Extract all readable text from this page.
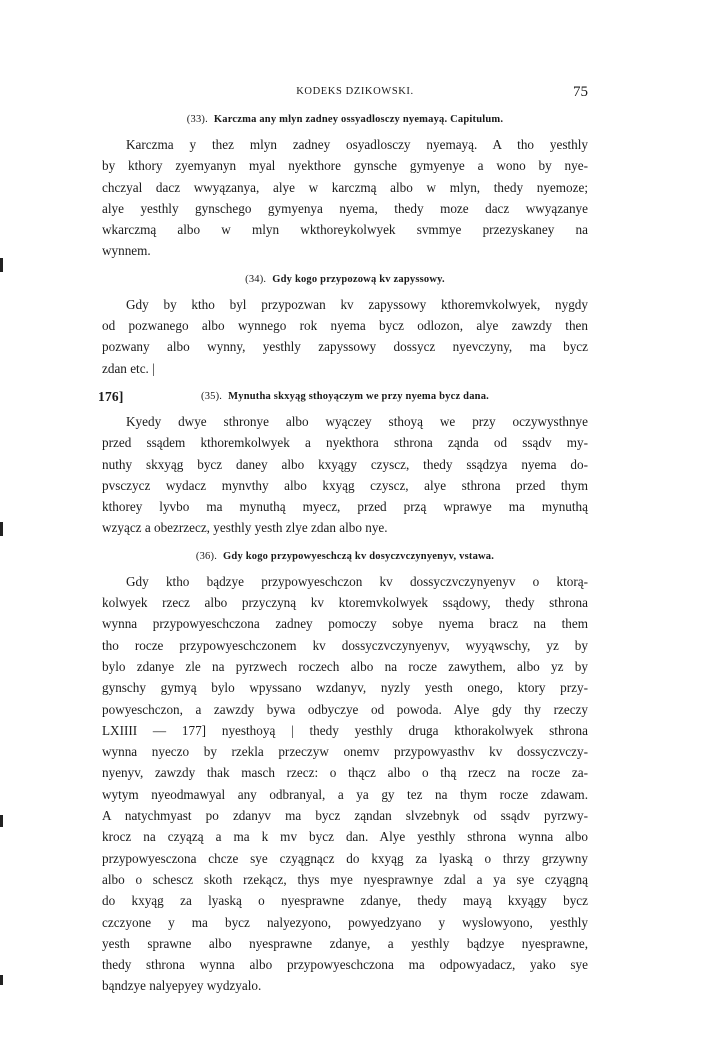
KODEKS DZIKOWSKI.	75
(33). Karczma any mlyn zadney ossyadlosczy nyemayą. Capitulum.
Karczma y thez mlyn zadney osyadlosczy nyemayą. A tho yesthly
by kthory zyemyanyn myal nyekthore gynsche gymyenye a wono by nye-
chczyal dacz wwyązanya, alye w karczmą albo w mlyn, thedy nyemoze;
alye yesthly gynschego gymyenya nyema, thedy moze dacz wwyązanye
wkarczmą albo w mlyn wkthoreykolwyek svmmye przezyskaney na
wynnem.
(34). Gdy kogo przypozową kv zapyssowy.
Gdy by ktho byl przypozwan kv zapyssowy kthoremvkolwyek, nygdy
od pozwanego albo wynnego rok nyema bycz odlozon, alye zawzdy then
pozwany albo wynny, yesthly zapyssowy dossycz nyevczyny, ma bycz
zdan etc. |
176]	(35). Mynutha skxyąg sthoyączym we przy nyema bycz dana.
Kyedy dwye sthronye albo wyączey sthoyą we przy oczywysthnye
przed ssądem kthoremkolwyek a nyekthora sthrona ząnda od ssądv my-
nuthy skxyąg bycz daney albo kxyągy czyscz, thedy ssądzya nyema do-
pvsczycz wydacz mynvthy albo kxyąg czyscz, alye sthrona przed thym
kthorey lyvbo ma mynuthą myecz, przed przą wprawye ma mynuthą
wzyącz a obezrzecz, yesthly yesth zlye zdan albo nye.
(36). Gdy kogo przypowyeschczą kv dosyczvczynyenyv, vstawa.
Gdy ktho bądzye przypowyeschczon kv dossyczvczynyenyv o ktorą-
kolwyek rzecz albo przyczyną kv ktoremvkolwyek ssądowy, thedy sthrona
wynna przypowyeschczona zadney pomoczy sobye nyema bracz na them
tho rocze przypowyeschczonem kv dossyczvczynyenyv, wyyąwschy, yz by
bylo zdanye zle na pyrzwech roczech albo na rocze zawythem, albo yz by
gynschy gymyą bylo wpyssano wzdanyv, nyzly yesth onego, ktory przy-
powyeschczon, a zawzdy bywa odbyczye od powoda. Alye gdy thy rzeczy
LXIIII — 177] nyesthoyą | thedy yesthly druga kthorakolwyek sthrona
wynna nyeczo by rzekla przeczyw onemv przypowyasthv kv dossyczvczy-
nyenyv, zawzdy thak masch rzecz: o thącz albo o thą rzecz na rocze za-
wytym nyeodmawyal any odbranyal, a ya gy tez na thym rocze zdawam.
A natychmyast po zdanyv ma bycz ząndan slvzebnyk od ssądv pyrzwy-
krocz na czyązą a ma k mv bycz dan. Alye yesthly sthrona wynna albo
przypowyesczona chcze sye czyągnącz do kxyąg za lyaską o thrzy grzywny
albo o schescz skoth rzekącz, thys mye nyesprawnye zdal a ya sye czyągną
do kxyąg za lyaską o nyesprawne zdanye, thedy mayą kxyągy bycz
czczyone y ma bycz nalyezyono, powyedzyano y wyslowyono, yesthly
yesth sprawne albo nyesprawne zdanye, a yesthly bądzye nyesprawne,
thedy sthrona wynna albo przypowyeschczona ma odpowyadacz, yako sye
bąndzye nalyepyey wydzyalo.
